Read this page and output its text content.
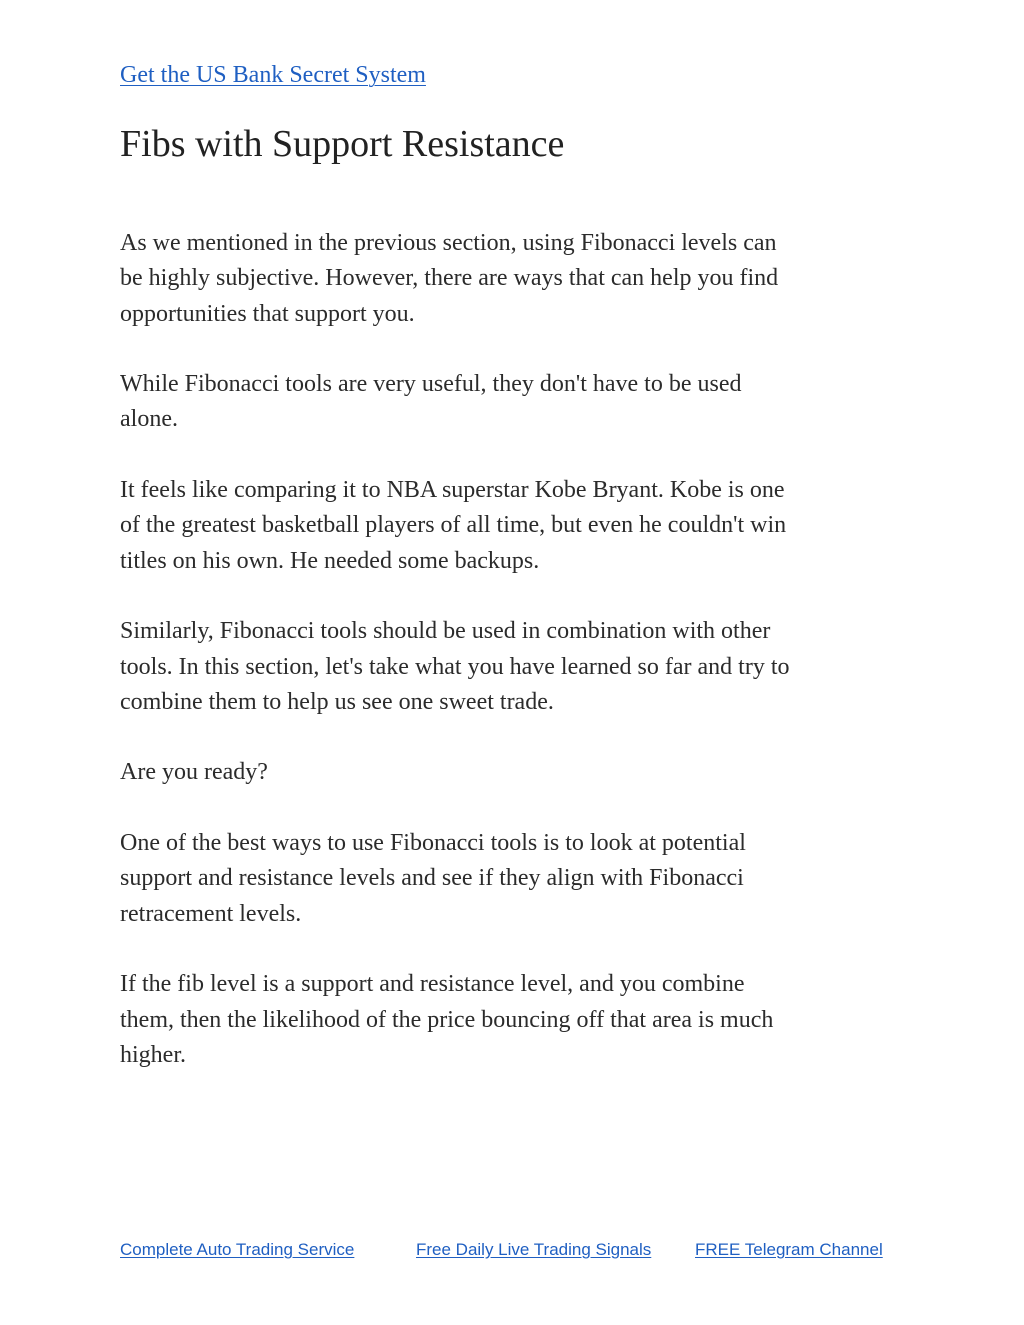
Get the US Bank Secret System
Fibs with Support Resistance

As we mentioned in the previous section, using Fibonacci levels can
be highly subjective. However, there are ways that can help you find
opportunities that support you.

While Fibonacci tools are very useful, they don't have to be used
alone.

It feels like comparing it to NBA superstar Kobe Bryant. Kobe is one
of the greatest basketball players of all time, but even he couldn't win
titles on his own. He needed some backups.

Similarly, Fibonacci tools should be used in combination with other
tools. In this section, let's take what you have learned so far and try to
combine them to help us see one sweet trade.

Are you ready?

One of the best ways to use Fibonacci tools is to look at potential
support and resistance levels and see if they align with Fibonacci
retracement levels.

If the fib level is a support and resistance level, and you combine
them, then the likelihood of the price bouncing off that area is much
higher.

Complete Auto Trading Service	Free Daily Live Trading Signals	FREE Telegram Channel
